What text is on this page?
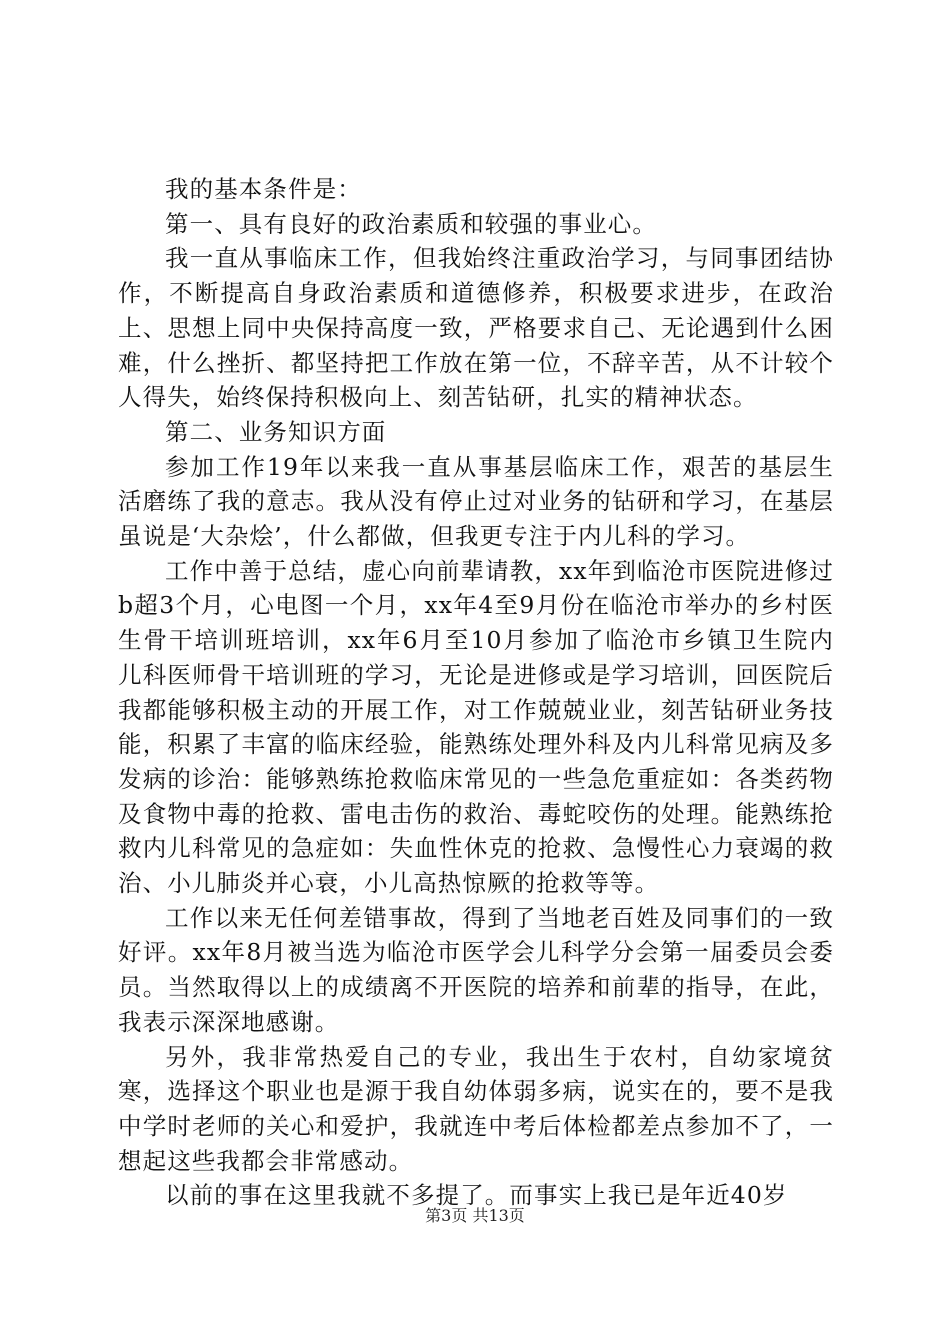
我的基本条件是：

第一、具有良好的政治素质和较强的事业心。

我一直从事临床工作，但我始终注重政治学习，与同事团结协作，不断提高自身政治素质和道德修养，积极要求进步，在政治上、思想上同中央保持高度一致，严格要求自己、无论遇到什么困难，什么挫折、都坚持把工作放在第一位，不辞辛苦，从不计较个人得失，始终保持积极向上、刻苦钻研，扎实的精神状态。

第二、业务知识方面

参加工作19年以来我一直从事基层临床工作，艰苦的基层生活磨练了我的意志。我从没有停止过对业务的钻研和学习，在基层虽说是‘大杂烩’，什么都做，但我更专注于内儿科的学习。

工作中善于总结，虚心向前辈请教，xx年到临沧市医院进修过b超3个月，心电图一个月，xx年4至9月份在临沧市举办的乡村医生骨干培训班培训，xx年6月至10月参加了临沧市乡镇卫生院内儿科医师骨干培训班的学习，无论是进修或是学习培训，回医院后我都能够积极主动的开展工作，对工作兢兢业业，刻苦钻研业务技能，积累了丰富的临床经验，能熟练处理外科及内儿科常见病及多发病的诊治：能够熟练抢救临床常见的一些急危重症如：各类药物及食物中毒的抢救、雷电击伤的救治、毒蛇咬伤的处理。能熟练抢救内儿科常见的急症如：失血性休克的抢救、急慢性心力衰竭的救治、小儿肺炎并心衰，小儿高热惊厥的抢救等等。

工作以来无任何差错事故，得到了当地老百姓及同事们的一致好评。xx年8月被当选为临沧市医学会儿科学分会第一届委员会委员。当然取得以上的成绩离不开医院的培养和前辈的指导，在此，我表示深深地感谢。

另外，我非常热爱自己的专业，我出生于农村，自幼家境贫寒，选择这个职业也是源于我自幼体弱多病，说实在的，要不是我中学时老师的关心和爱护，我就连中考后体检都差点参加不了，一想起这些我都会非常感动。

以前的事在这里我就不多提了。而事实上我已是年近40岁

第3页 共13页
